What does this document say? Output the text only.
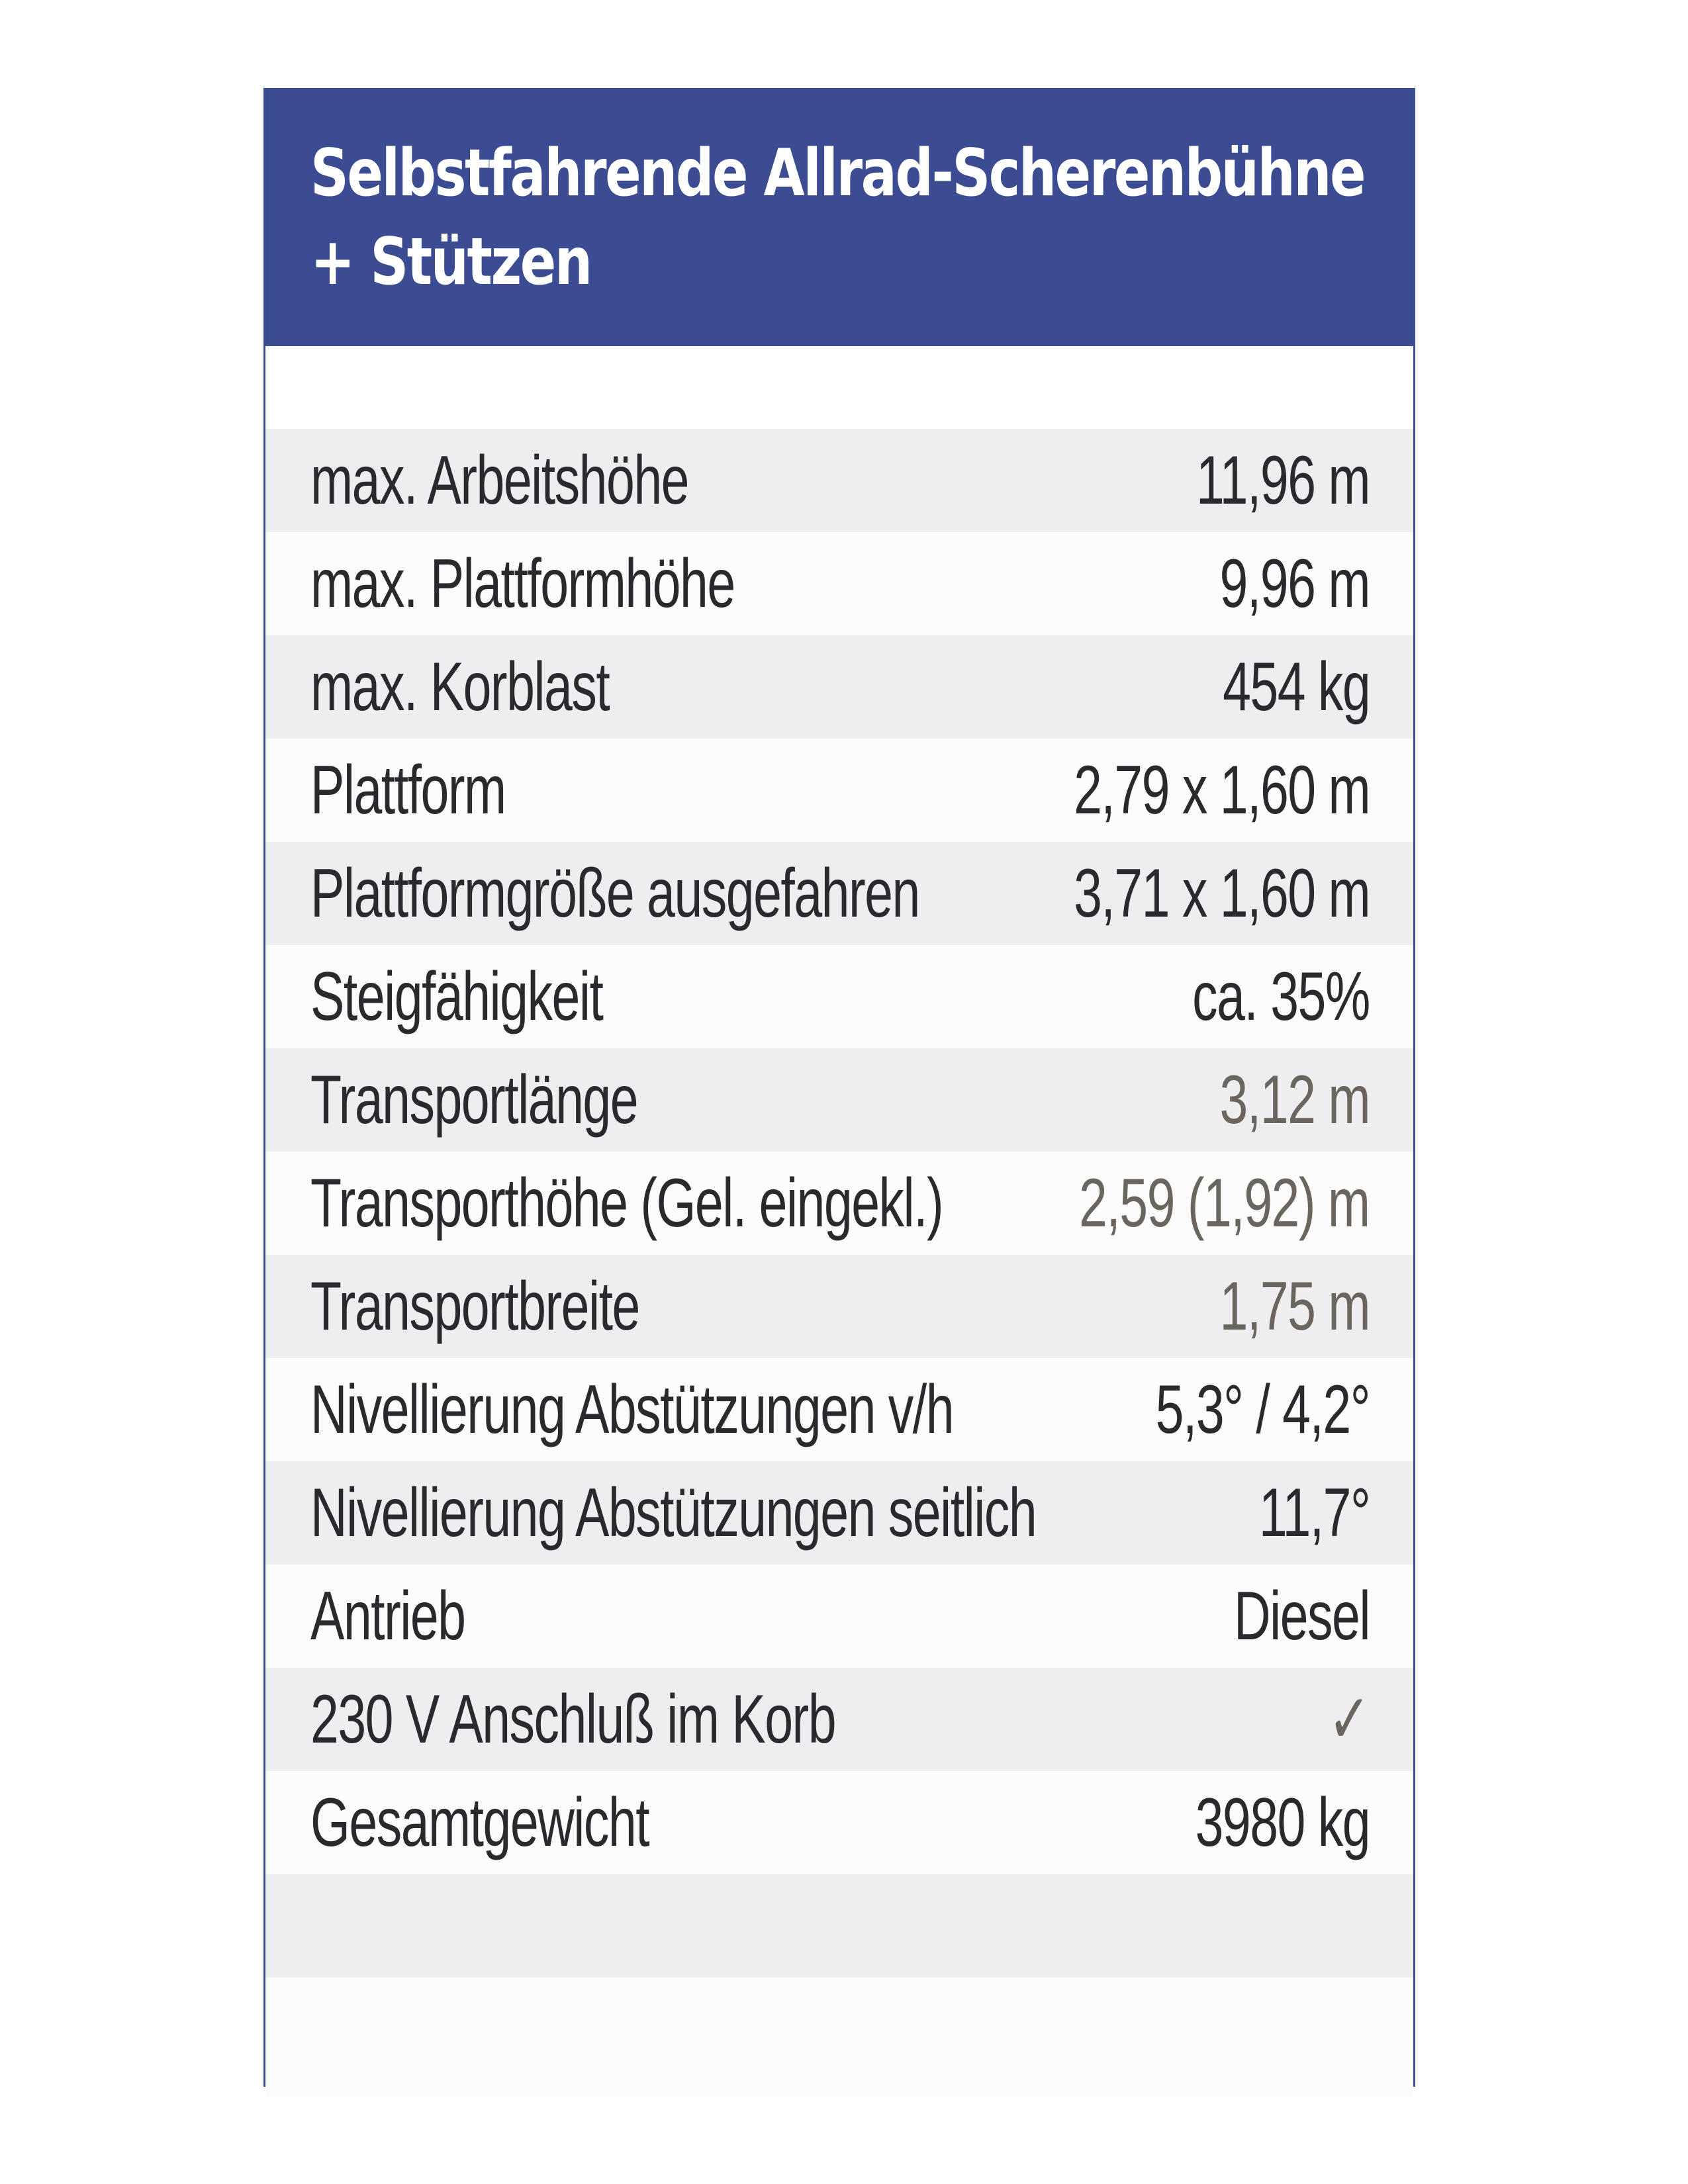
Selbstfahrende Allrad-Scherenbühne
+ Stützen
max. Arbeitshöhe	11,96 m
max. Plattformhöhe	9,96 m
max. Korblast	454 kg
Plattform	2,79 x 1,60 m
Plattformgröße ausgefahren 3,71 x 1,60 m
Steigfähigkeit	ca. 35%
Transportlänge	3,12 m
Transporthöhe (Gel. eingekl.) 2,59 (1,92) m
Transportbreite	1,75 m
Nivellierung Abstützungen v/h	5,3° / 4,2°
Nivellierung Abstützungen seitlich	11,7°
Antrieb	Diesel
230 V Anschluß im Korb	✓
Gesamtgewicht	3980 kg
